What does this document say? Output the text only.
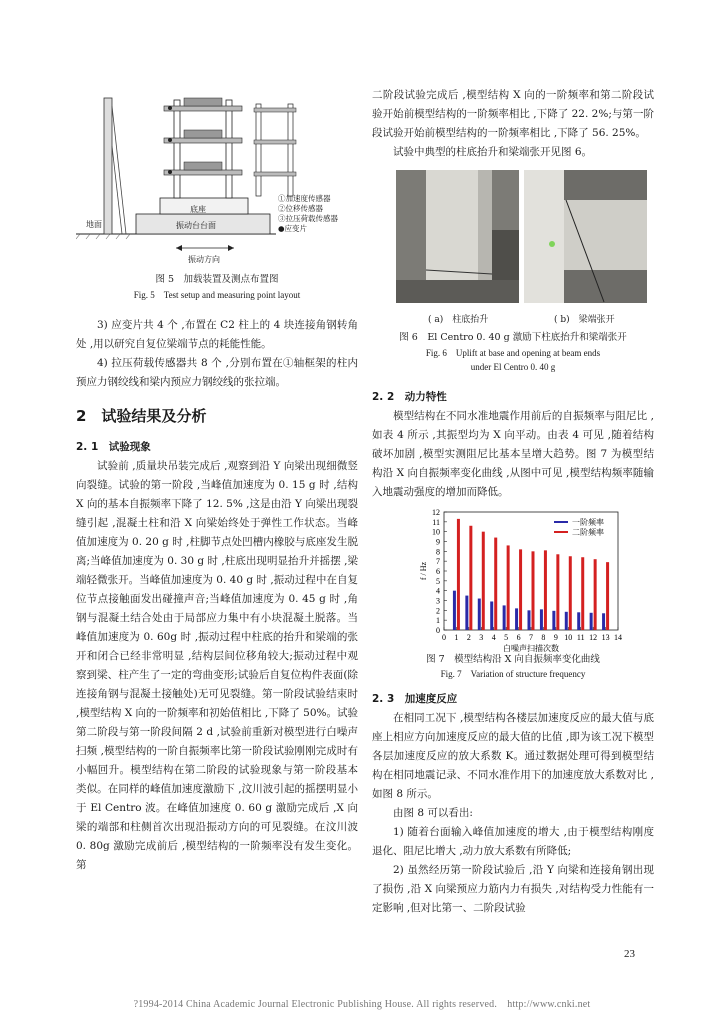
底座
地面	振动台台面
振动方向
①加速度传感器
②位移传感器
③拉压荷载传感器
●应变片

图 5　加载装置及测点布置图

Fig. 5　Test setup and measuring point layout

3) 应变片共 4 个 ,布置在 C2 柱上的 4 块连接角钢转角处 ,用以研究自复位梁端节点的耗能性能。

4) 拉压荷载传感器共 8 个 ,分别布置在①轴框架的柱内预应力钢绞线和梁内预应力钢绞线的张拉端。

2　试验结果及分析
2. 1　试验现象

试验前 ,质量块吊装完成后 ,观察到沿 Y 向梁出现细微竖向裂缝。试验的第一阶段 ,当峰值加速度为 0. 15 g 时 ,结构 X 向的基本自振频率下降了 12. 5% ,这是由沿 Y 向梁出现裂缝引起 ,混凝土柱和沿 X 向梁始终处于弹性工作状态。当峰值加速度为 0. 20 g 时 ,柱脚节点处凹槽内橡胶与底座发生脱离;当峰值加速度为 0. 30 g 时 ,柱底出现明显抬升并摇摆 ,梁端轻微张开。当峰值加速度为 0. 40 g 时 ,振动过程中在自复位节点接触面发出碰撞声音;当峰值加速度为 0. 45 g 时 ,角钢与混凝土结合处由于局部应力集中有小块混凝土脱落。当峰值加速度为 0. 60g 时 ,振动过程中柱底的抬升和梁端的张开和闭合已经非常明显 ,结构层间位移角较大;振动过程中观察到梁、柱产生了一定的弯曲变形;试验后自复位构件表面(除连接角钢与混凝土接触处)无可见裂缝。第一阶段试验结束时 ,模型结构 X 向的一阶频率和初始值相比 ,下降了 50%。试验第二阶段与第一阶段间隔 2 d ,试验前重新对模型进行白噪声扫频 ,模型结构的一阶自振频率比第一阶段试验刚刚完成时有小幅回升。模型结构在第二阶段的试验现象与第一阶段基本类似。在同样的峰值加速度激励下 ,汶川波引起的摇摆明显小于 El Centro 波。在峰值加速度 0. 60 g 激励完成后 ,X 向梁的端部和柱侧首次出现沿振动方向的可见裂缝。在汶川波 0. 80g 激励完成前后 ,模型结构的一阶频率没有发生变化。第

二阶段试验完成后 ,模型结构 X 向的一阶频率和第二阶段试验开始前模型结构的一阶频率相比 ,下降了 22. 2%;与第一阶段试验开始前模型结构的一阶频率相比 ,下降了 56. 25%。

试验中典型的柱底抬升和梁端张开见图 6。

( a)　柱底抬升	( b)　梁端张开

图 6　El Centro 0. 40 g 激励下柱底抬升和梁端张开

Fig. 6　Uplift at base and opening at beam ends

under El Centro 0. 40 g

2. 2　动力特性

模型结构在不同水准地震作用前后的自振频率与阻尼比 ,如表 4 所示 ,其振型均为 X 向平动。由表 4 可见 ,随着结构破坏加剧 ,模型实测阻尼比基本呈增大趋势。图 7 为模型结构沿 X 向自振频率变化曲线 ,从图中可见 ,模型结构频率随输入地震动强度的增加而降低。

0
1
2
3
4
5
6
7
8
9
10
11
12
0 1 2 3 4 5 6 7 8 9 10 11 12 13 14
一阶频率
二阶频率
白噪声扫描次数
f / Hz

图 7　模型结构沿 X 向自振频率变化曲线

Fig. 7　Variation of structure frequency

2. 3　加速度反应

在相同工况下 ,模型结构各楼层加速度反应的最大值与底座上相应方向加速度反应的最大值的比值 ,即为该工况下模型各层加速度反应的放大系数 K。通过数据处理可得到模型结构在相同地震记录、不同水准作用下的加速度放大系数对比 ,如图 8 所示。

由图 8 可以看出:

1) 随着台面输入峰值加速度的增大 ,由于模型结构刚度退化、阻尼比增大 ,动力放大系数有所降低;

2) 虽然经历第一阶段试验后 ,沿 Y 向梁和连接角钢出现了损伤 ,沿 X 向梁预应力筋内力有损失 ,对结构受力性能有一定影响 ,但对比第一、二阶段试验

23
?1994-2014 China Academic Journal Electronic Publishing House. All rights reserved.　http://www.cnki.net
